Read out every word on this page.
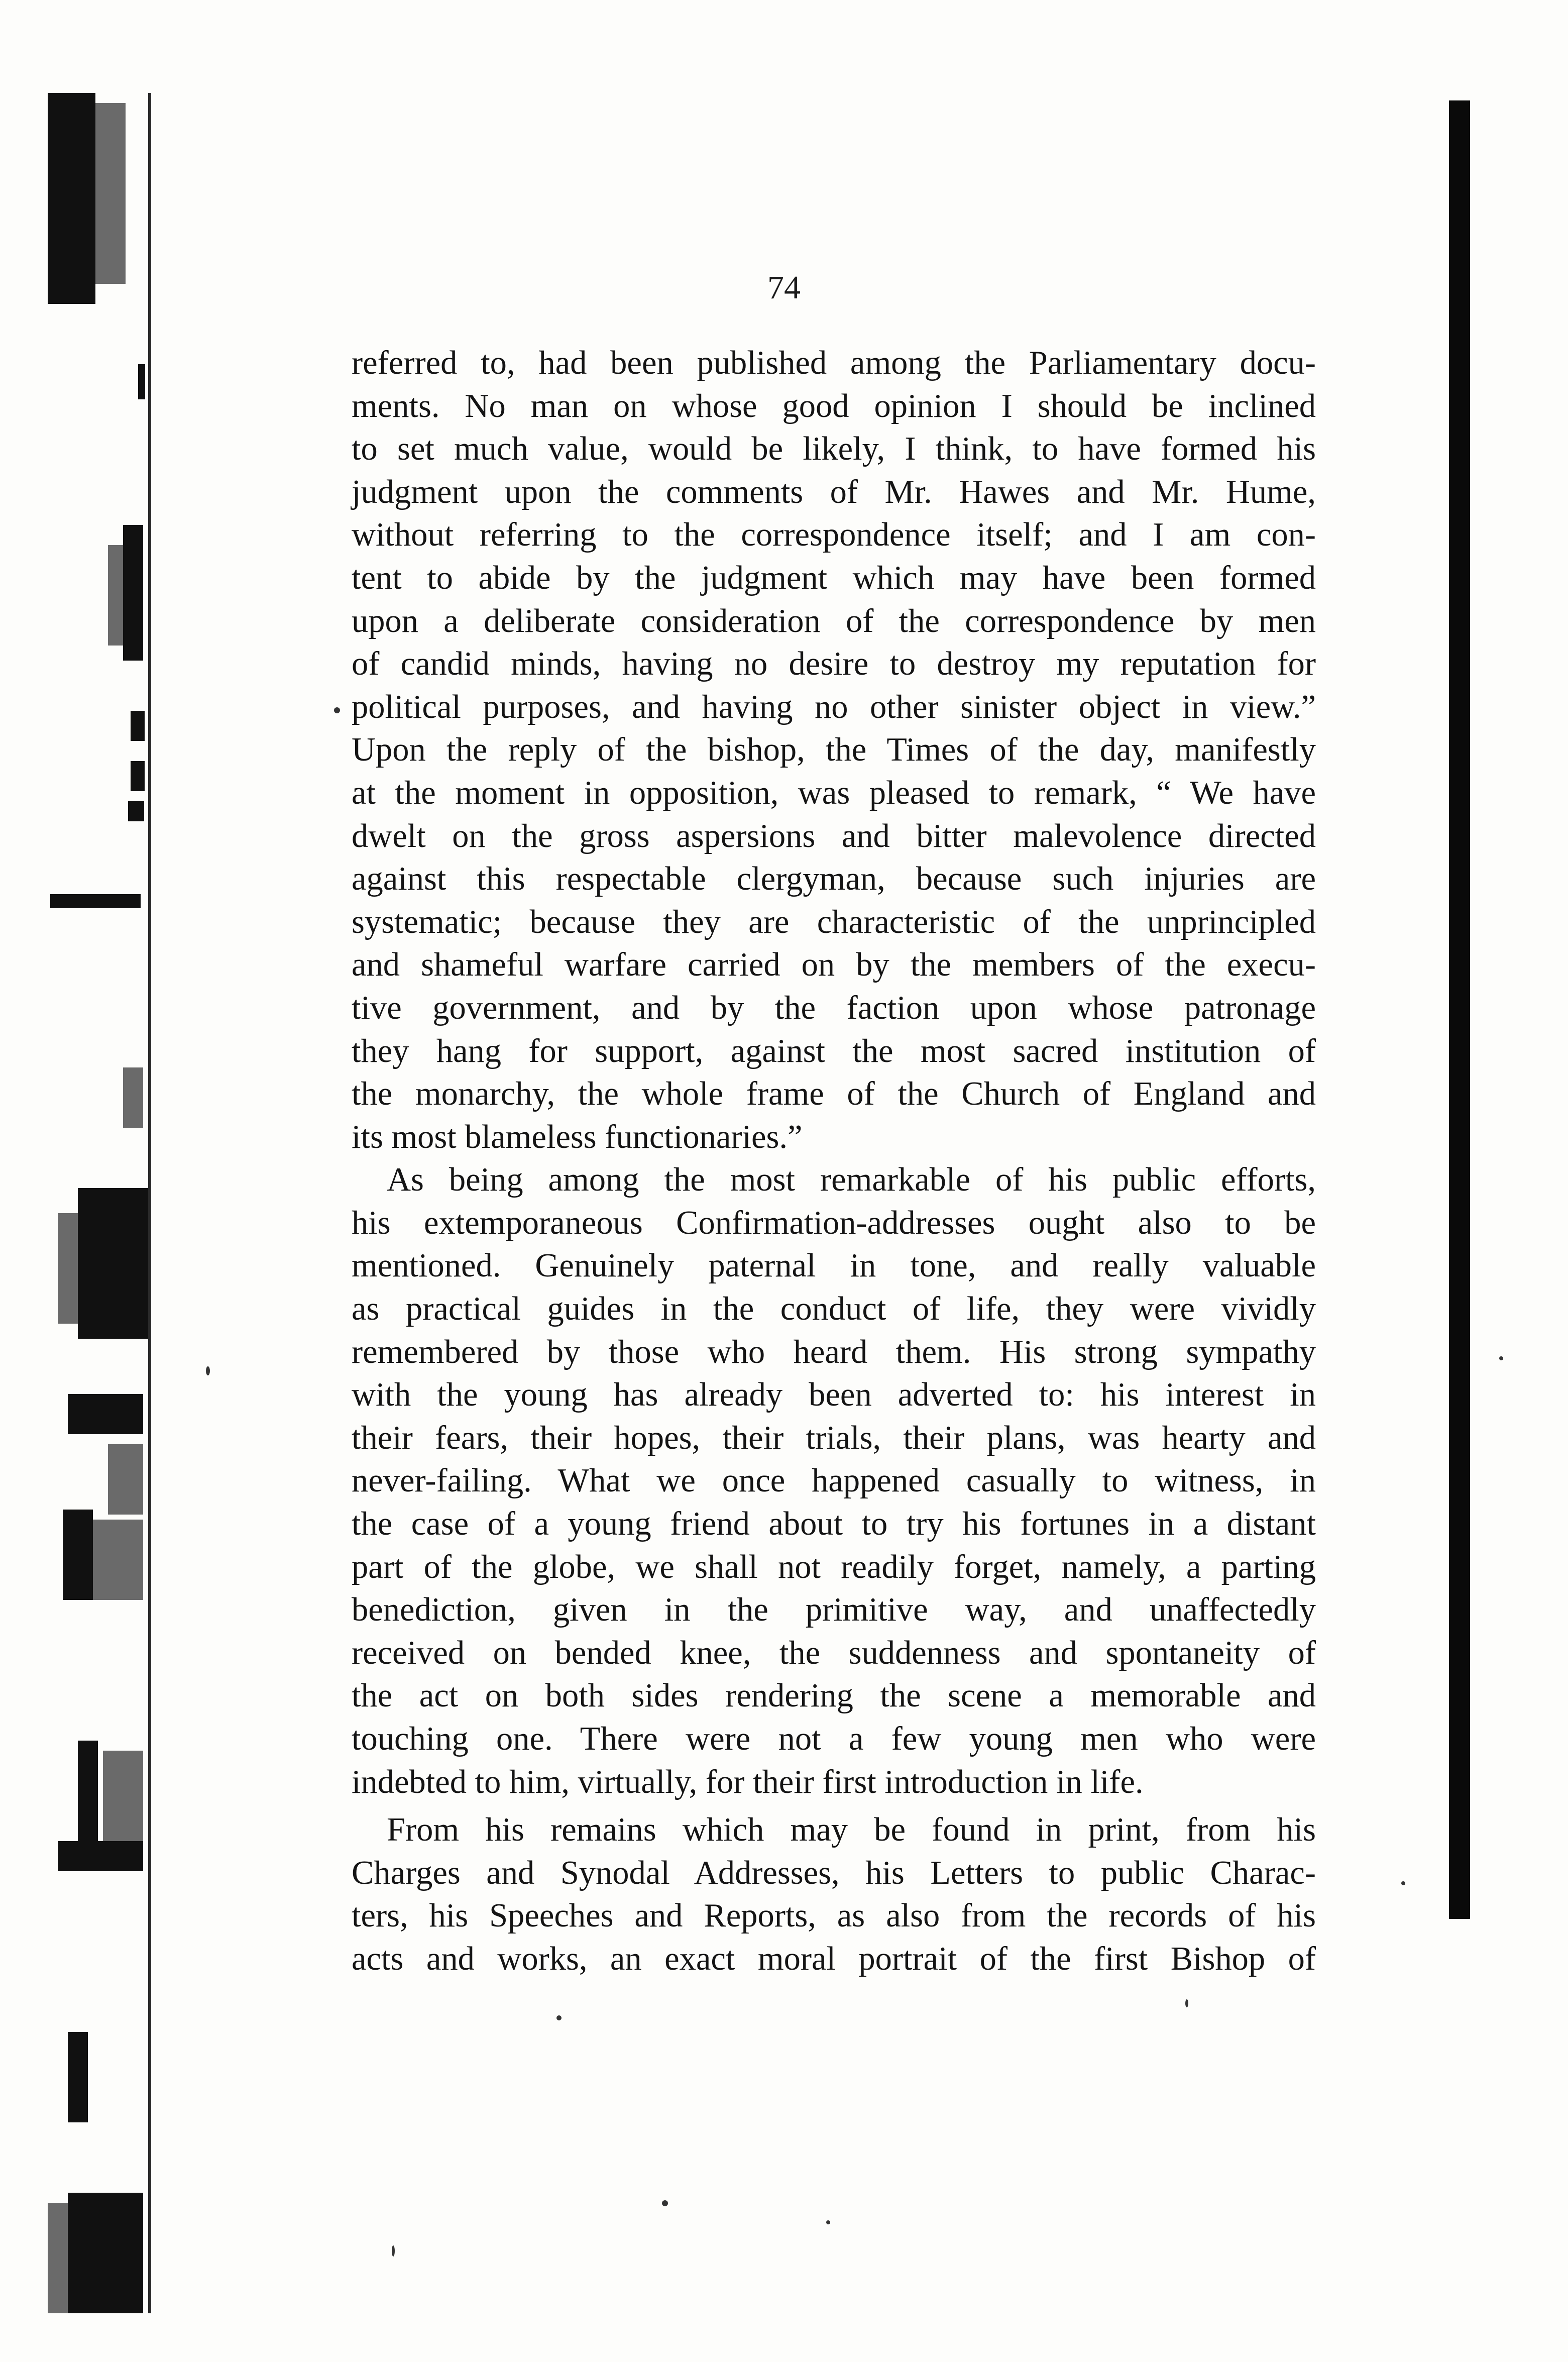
74
referred to, had been published among the Parliamentary docu-
ments. No man on whose good opinion I should be inclined
to set much value, would be likely, I think, to have formed his
judgment upon the comments of Mr. Hawes and Mr. Hume,
without referring to the correspondence itself; and I am con-
tent to abide by the judgment which may have been formed
upon a deliberate consideration of the correspondence by men
of candid minds, having no desire to destroy my reputation for
political purposes, and having no other sinister object in view.”
Upon the reply of the bishop, the Times of the day, manifestly
at the moment in opposition, was pleased to remark, “ We have
dwelt on the gross aspersions and bitter malevolence directed
against this respectable clergyman, because such injuries are
systematic; because they are characteristic of the unprincipled
and shameful warfare carried on by the members of the execu-
tive government, and by the faction upon whose patronage
they hang for support, against the most sacred institution of
the monarchy, the whole frame of the Church of England and
its most blameless functionaries.”
As being among the most remarkable of his public efforts,
his extemporaneous Confirmation-addresses ought also to be
mentioned. Genuinely paternal in tone, and really valuable
as practical guides in the conduct of life, they were vividly
remembered by those who heard them. His strong sympathy
with the young has already been adverted to: his interest in
their fears, their hopes, their trials, their plans, was hearty and
never-failing. What we once happened casually to witness, in
the case of a young friend about to try his fortunes in a distant
part of the globe, we shall not readily forget, namely, a parting
benediction, given in the primitive way, and unaffectedly
received on bended knee, the suddenness and spontaneity of
the act on both sides rendering the scene a memorable and
touching one. There were not a few young men who were
indebted to him, virtually, for their first introduction in life.
From his remains which may be found in print, from his
Charges and Synodal Addresses, his Letters to public Charac-
ters, his Speeches and Reports, as also from the records of his
acts and works, an exact moral portrait of the first Bishop of
